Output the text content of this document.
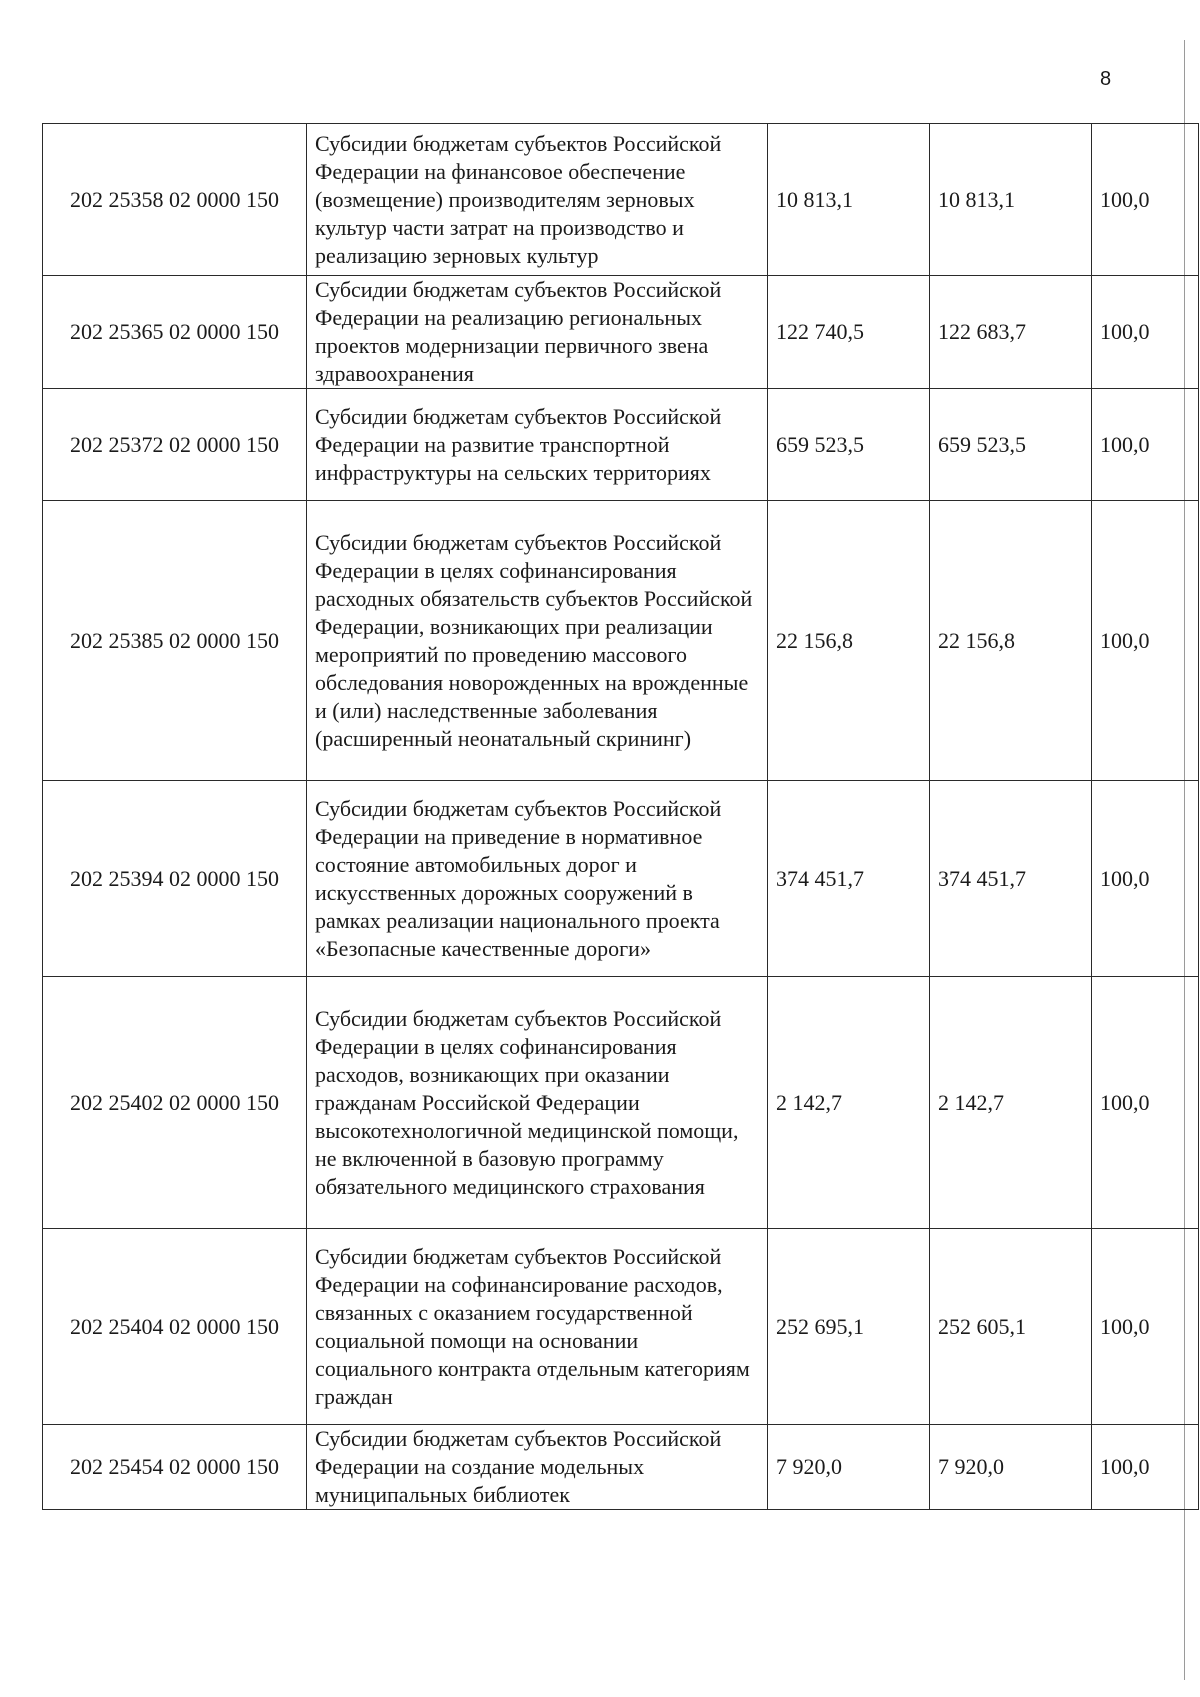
8
202 25358 02 0000 150	Субсидии бюджетам субъектов Российской Федерации на финансовое обеспечение (возмещение) производителям зерновых культур части затрат на производство и реализацию зерновых культур	10 813,1	10 813,1	100,0
202 25365 02 0000 150	Субсидии бюджетам субъектов Российской Федерации на реализацию региональных проектов модернизации первичного звена здравоохранения	122 740,5	122 683,7	100,0
202 25372 02 0000 150	Субсидии бюджетам субъектов Российской Федерации на развитие транспортной инфраструктуры на сельских территориях	659 523,5	659 523,5	100,0
202 25385 02 0000 150	Субсидии бюджетам субъектов Российской Федерации в целях софинансирования расходных обязательств субъектов Российской Федерации, возникающих при реализации мероприятий по проведению массового обследования новорожденных на врожденные и (или) наследственные заболевания (расширенный неонатальный скрининг)	22 156,8	22 156,8	100,0
202 25394 02 0000 150	Субсидии бюджетам субъектов Российской Федерации на приведение в нормативное состояние автомобильных дорог и искусственных дорожных сооружений в рамках реализации национального проекта «Безопасные качественные дороги»	374 451,7	374 451,7	100,0
202 25402 02 0000 150	Субсидии бюджетам субъектов Российской Федерации в целях софинансирования расходов, возникающих при оказании гражданам Российской Федерации высокотехнологичной медицинской помощи, не включенной в базовую программу обязательного медицинского страхования	2 142,7	2 142,7	100,0
202 25404 02 0000 150	Субсидии бюджетам субъектов Российской Федерации на софинансирование расходов, связанных с оказанием государственной социальной помощи на основании социального контракта отдельным категориям граждан	252 695,1	252 605,1	100,0
202 25454 02 0000 150	Субсидии бюджетам субъектов Российской Федерации на создание модельных муниципальных библиотек	7 920,0	7 920,0	100,0
